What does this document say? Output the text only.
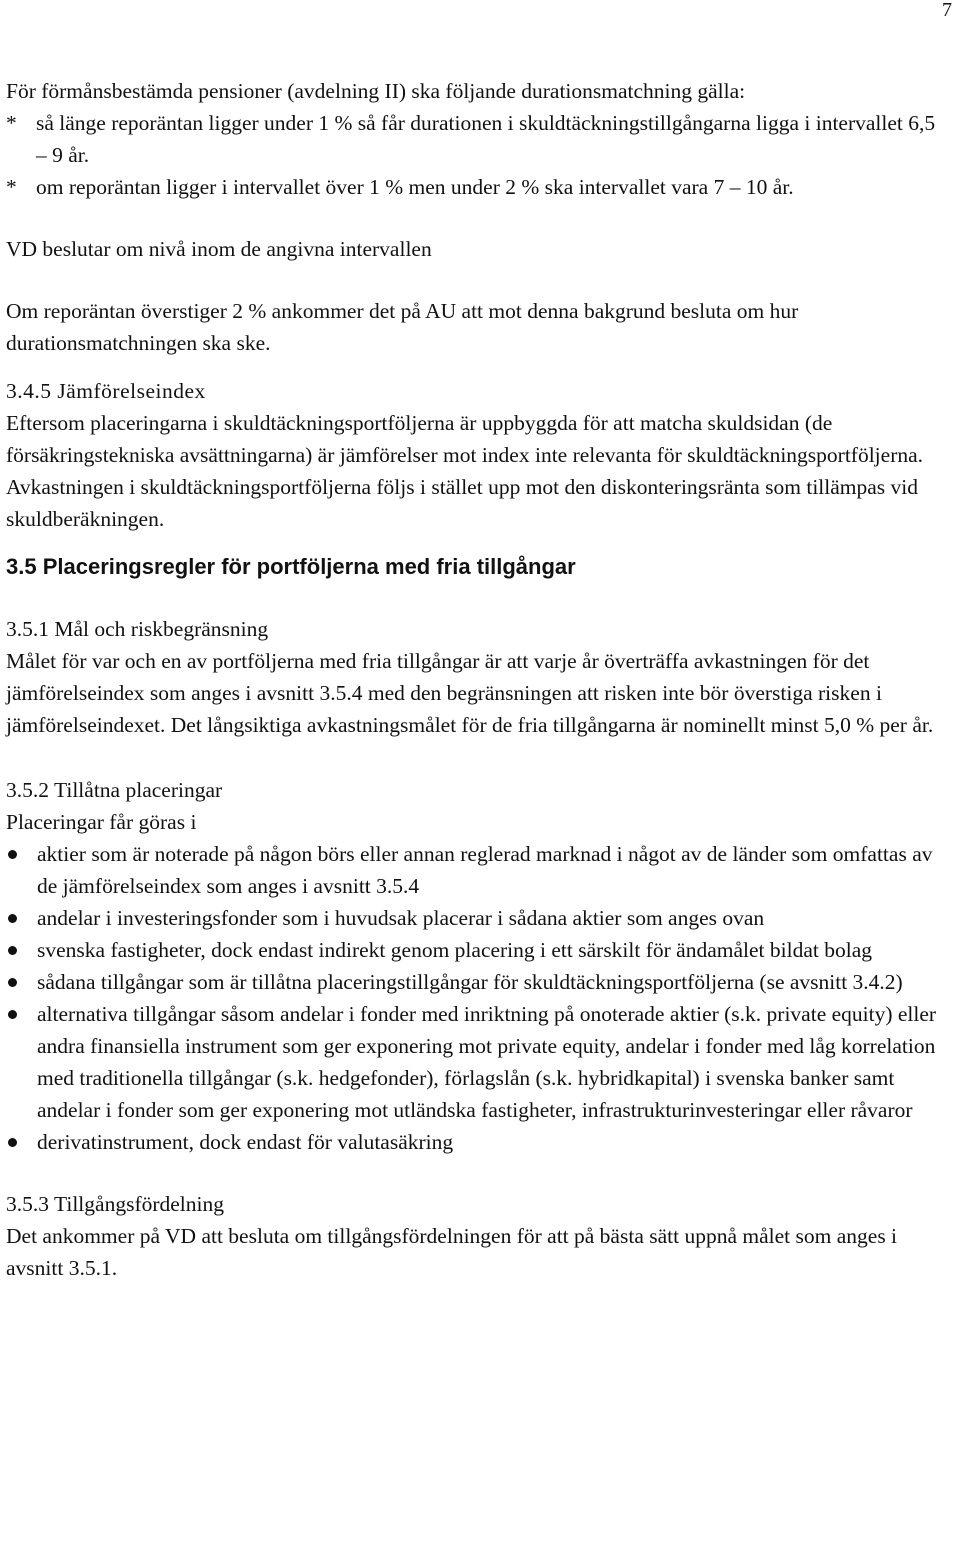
7

För förmånsbestämda pensioner (avdelning II) ska följande durationsmatchning gälla:

* så länge reporäntan ligger under 1 % så får durationen i skuldtäckningstillgångarna ligga i intervallet 6,5 – 9 år.
* om reporäntan ligger i intervallet över 1 % men under 2 % ska intervallet vara 7 – 10 år.

VD beslutar om nivå inom de angivna intervallen

Om reporäntan överstiger 2 % ankommer det på AU att mot denna bakgrund besluta om hur durationsmatchningen ska ske.

3.4.5 Jämförelseindex

Eftersom placeringarna i skuldtäckningsportföljerna är uppbyggda för att matcha skuldsidan (de försäkringstekniska avsättningarna) är jämförelser mot index inte relevanta för skuldtäckningsportföljerna. Avkastningen i skuldtäckningsportföljerna följs i stället upp mot den diskonteringsränta som tillämpas vid skuldberäkningen.

3.5 Placeringsregler för portföljerna med fria tillgångar

3.5.1 Mål och riskbegränsning

Målet för var och en av portföljerna med fria tillgångar är att varje år överträffa avkastningen för det jämförelseindex som anges i avsnitt 3.5.4 med den begränsningen att risken inte bör överstiga risken i jämförelseindexet. Det långsiktiga avkastningsmålet för de fria tillgångarna är nominellt minst 5,0 % per år.

3.5.2 Tillåtna placeringar

Placeringar får göras i

aktier som är noterade på någon börs eller annan reglerad marknad i något av de länder som omfattas av de jämförelseindex som anges i avsnitt 3.5.4
andelar i investeringsfonder som i huvudsak placerar i sådana aktier som anges ovan
svenska fastigheter, dock endast indirekt genom placering i ett särskilt för ändamålet bildat bolag
sådana tillgångar som är tillåtna placeringstillgångar för skuldtäckningsportföljerna (se avsnitt 3.4.2)
alternativa tillgångar såsom andelar i fonder med inriktning på onoterade aktier (s.k. private equity) eller andra finansiella instrument som ger exponering mot private equity, andelar i fonder med låg korrelation med traditionella tillgångar (s.k. hedgefonder), förlagslån (s.k. hybridkapital) i svenska banker samt andelar i fonder som ger exponering mot utländska fastigheter, infrastrukturinvesteringar eller råvaror
derivatinstrument, dock endast för valutasäkring

3.5.3 Tillgångsfördelning

Det ankommer på VD att besluta om tillgångsfördelningen för att på bästa sätt uppnå målet som anges i avsnitt 3.5.1.
